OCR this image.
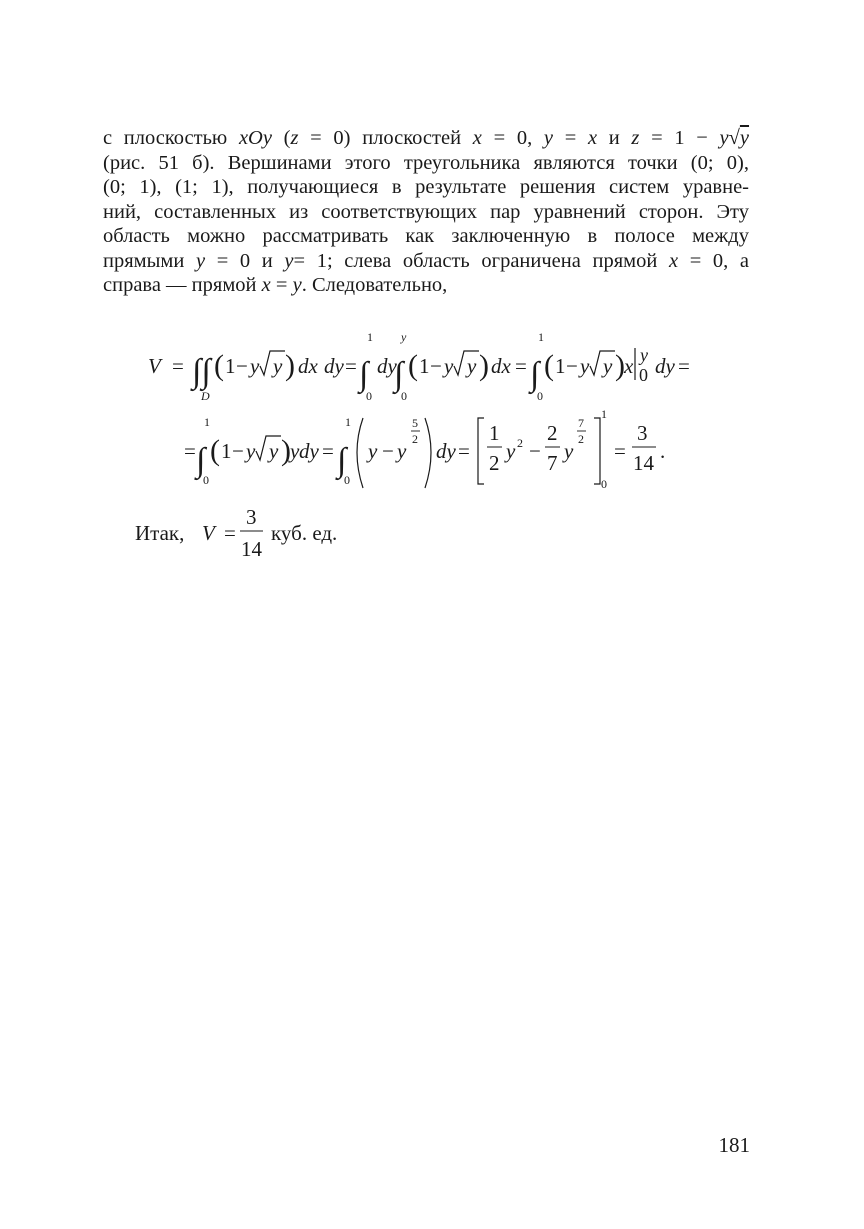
с плоскостью xOy (z = 0) плоскостей x = 0, y = x и z = 1 − y√y
(рис. 51 б). Вершинами этого треугольника являются точки (0; 0),
(0; 1), (1; 1), получающиеся в результате решения систем уравне-
ний, составленных из соответствующих пар уравнений сторон. Эту
область можно рассматривать как заключенную в полосе между
прямыми y = 0 и y= 1; слева область ограничена прямой x = 0, а
справа — прямой x = y. Следовательно,
V = ∫∫
D
( 1 − y y ) dx dy = ∫
1
0
dy
∫
y
0
( 1 − y y ) dx = ∫
1
0
( 1 − y y ) x y
0 dy =
= ∫
1
0
( 1 − y y ) y dy = ∫
1
0
y − y
5
2 dy =
1
2 y 2 −
2
7 y
7
2
1
0
=
3
14 .
Итак, V =
3
14
куб. ед.
181
